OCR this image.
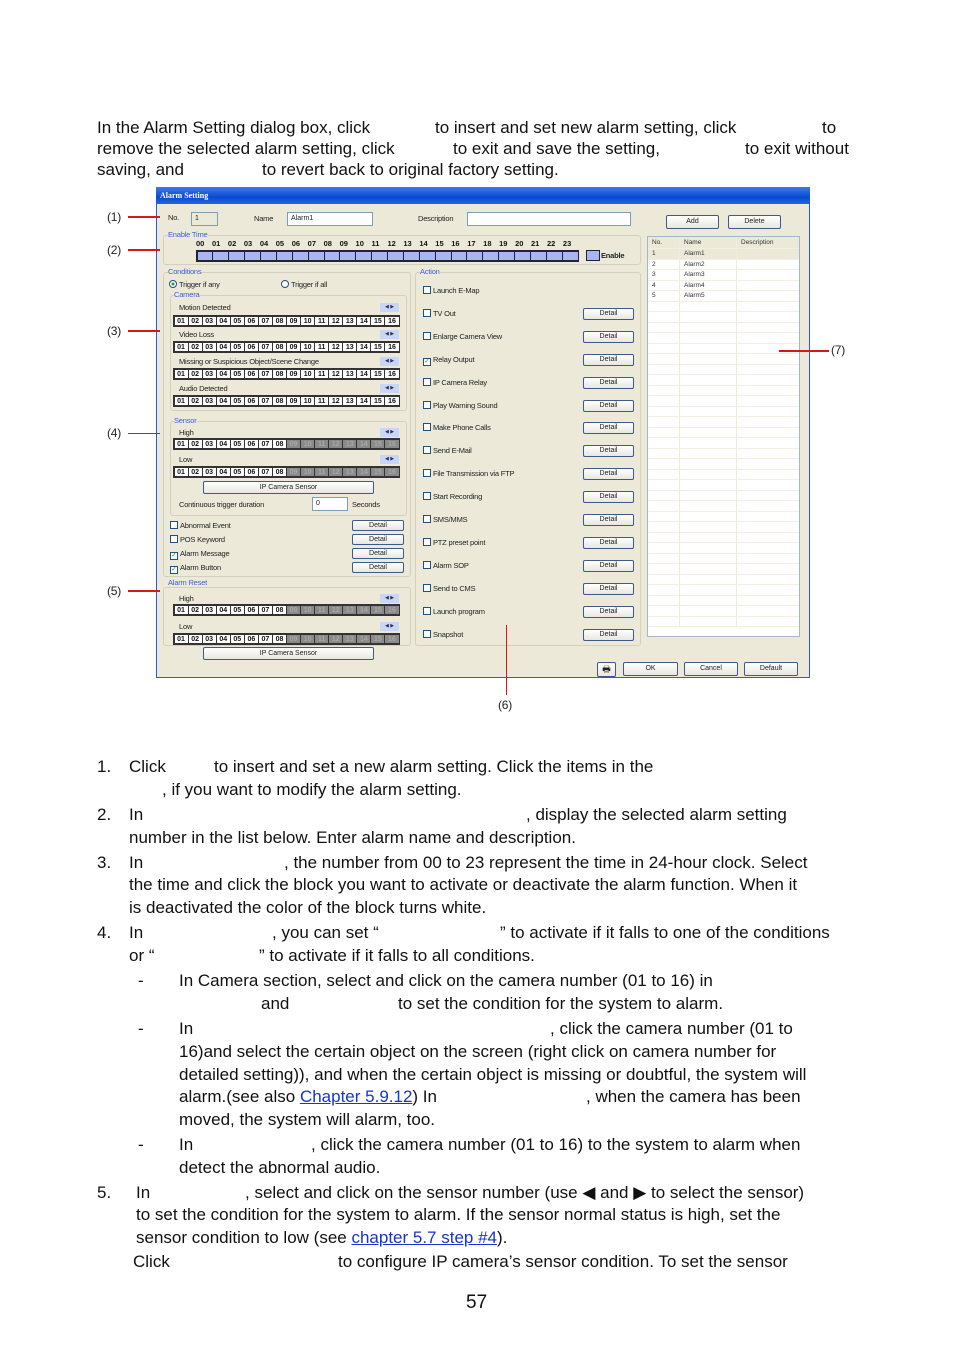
In the Alarm Setting dialog box, click	to insert and set new alarm setting, click	to
remove the selected alarm setting, click	to exit and save the setting,	to exit without
saving, and	to revert back to original factory setting.
Alarm Setting
No.	1	Name	Alarm1	Description	Add	Delete
Enable Time
00	01	02	03	04	05	06	07	08	09	10	11	12	13	14	15	16	17	18	19	20	21	22	23
Enable
Conditions
Trigger if any	Trigger if all
Camera
Motion Detected	◀ ▶
01 02 03 04 05 06 07 08 09 10 11 12 13 14 15 16
Video Loss	◀ ▶
01 02 03 04 05 06 07 08 09 10 11 12 13 14 15 16
Missing or Suspicious Object/Scene Change	◀ ▶
01 02 03 04 05 06 07 08 09 10 11 12 13 14 15 16
Audio Detected	◀ ▶
01 02 03 04 05 06 07 08 09 10 11 12 13 14 15 16
Sensor
High	◀ ▶
01 02 03 04 05 06 07 08 09 10 11 12 13 14 15 16
Low	◀ ▶
01 02 03 04 05 06 07 08 09 10 11 12 13 14 15 16
IP Camera Sensor
Continuous trigger duration	0	Seconds
Abnormal Event	Detail
POS Keyword	Detail
✓ Alarm Message	Detail
✓ Alarm Button	Detail
Alarm Reset
High	◀ ▶
01 02 03 04 05 06 07 08 09 10 11 12 13 14 15 16
Low	◀ ▶
01 02 03 04 05 06 07 08 09 10 11 12 13 14 15 16
IP Camera Sensor
Action
Launch E-Map
TV Out	Detail
Enlarge Camera View	Detail
✓ Relay Output	Detail
IP Camera Relay	Detail
Play Warning Sound	Detail
Make Phone Calls	Detail
Send E-Mail	Detail
File Transmission via FTP	Detail
Start Recording	Detail
SMS/MMS	Detail
PTZ preset point	Detail
Alarm SOP	Detail
Send to CMS	Detail
Launch program	Detail
Snapshot	Detail
No.	Name	Description
1	Alarm1
2	Alarm2
3	Alarm3
4	Alarm4
5	Alarm5
🖶	OK	Cancel	Default
(1)
(2)
(3)
(4)
(5)
(7)
(6)
1. Click	to insert and set a new alarm setting. Click the items in the
, if you want to modify the alarm setting.
2. In	, display the selected alarm setting
number in the list below. Enter alarm name and description.
3. In	, the number from 00 to 23 represent the time in 24-hour clock. Select
the time and click the block you want to activate or deactivate the alarm function. When it
is deactivated the color of the block turns white.
4. In	, you can set “	” to activate if it falls to one of the conditions
or “	” to activate if it falls to all conditions.
- In Camera section, select and click on the camera number (01 to 16) in
and	to set the condition for the system to alarm.
- In	, click the camera number (01 to
16)and select the certain object on the screen (right click on camera number for
detailed setting)), and when the certain object is missing or doubtful, the system will
alarm.(see also Chapter 5.9.12) In	, when the camera has been
moved, the system will alarm, too.
- In	, click the camera number (01 to 16) to the system to alarm when
detect the abnormal audio.
5. In	, select and click on the sensor number (use ◀ and ▶ to select the sensor)
to set the condition for the system to alarm. If the sensor normal status is high, set the
sensor condition to low (see chapter 5.7 step #4).
Click	to configure IP camera’s sensor condition. To set the sensor
57
